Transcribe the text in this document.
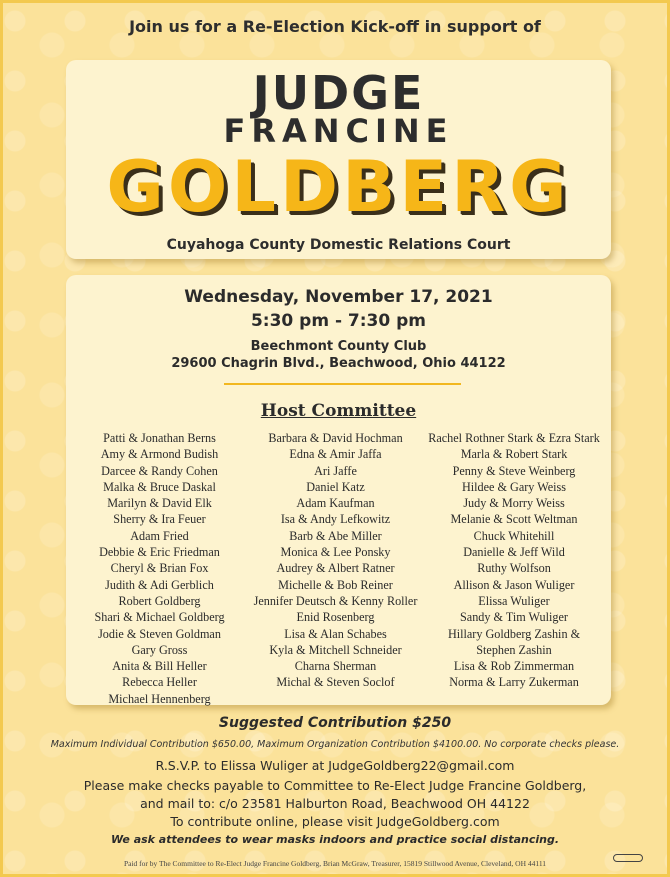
Join us for a Re-Election Kick-off in support of
JUDGE
FRANCINE
GOLDBERG
Cuyahoga County Domestic Relations Court
Wednesday, November 17, 2021
5:30 pm - 7:30 pm
Beechmont County Club
29600 Chagrin Blvd., Beachwood, Ohio 44122
Host Committee
Patti & Jonathan Berns
Amy & Armond Budish
Darcee & Randy Cohen
Malka & Bruce Daskal
Marilyn & David Elk
Sherry & Ira Feuer
Adam Fried
Debbie & Eric Friedman
Cheryl & Brian Fox
Judith & Adi Gerblich
Robert Goldberg
Shari & Michael Goldberg
Jodie & Steven Goldman
Gary Gross
Anita & Bill Heller
Rebecca Heller
Michael Hennenberg
Barbara & David Hochman
Edna & Amir Jaffa
Ari Jaffe
Daniel Katz
Adam Kaufman
Isa & Andy Lefkowitz
Barb & Abe Miller
Monica & Lee Ponsky
Audrey & Albert Ratner
Michelle & Bob Reiner
Jennifer Deutsch & Kenny Roller
Enid Rosenberg
Lisa & Alan Schabes
Kyla & Mitchell Schneider
Charna Sherman
Michal & Steven Soclof
Rachel Rothner Stark & Ezra Stark
Marla & Robert Stark
Penny & Steve Weinberg
Hildee & Gary Weiss
Judy & Morry Weiss
Melanie & Scott Weltman
Chuck Whitehill
Danielle & Jeff Wild
Ruthy Wolfson
Allison & Jason Wuliger
Elissa Wuliger
Sandy & Tim Wuliger
Hillary Goldberg Zashin &
Stephen Zashin
Lisa & Rob Zimmerman
Norma & Larry Zukerman
Suggested Contribution $250
Maximum Individual Contribution $650.00, Maximum Organization Contribution $4100.00. No corporate checks please.
R.S.V.P. to Elissa Wuliger at JudgeGoldberg22@gmail.com
Please make checks payable to Committee to Re-Elect Judge Francine Goldberg,
and mail to: c/o 23581 Halburton Road, Beachwood OH 44122
To contribute online, please visit JudgeGoldberg.com
We ask attendees to wear masks indoors and practice social distancing.
Paid for by The Committee to Re-Elect Judge Francine Goldberg, Brian McGraw, Treasurer, 15819 Stillwood Avenue, Cleveland, OH 44111
